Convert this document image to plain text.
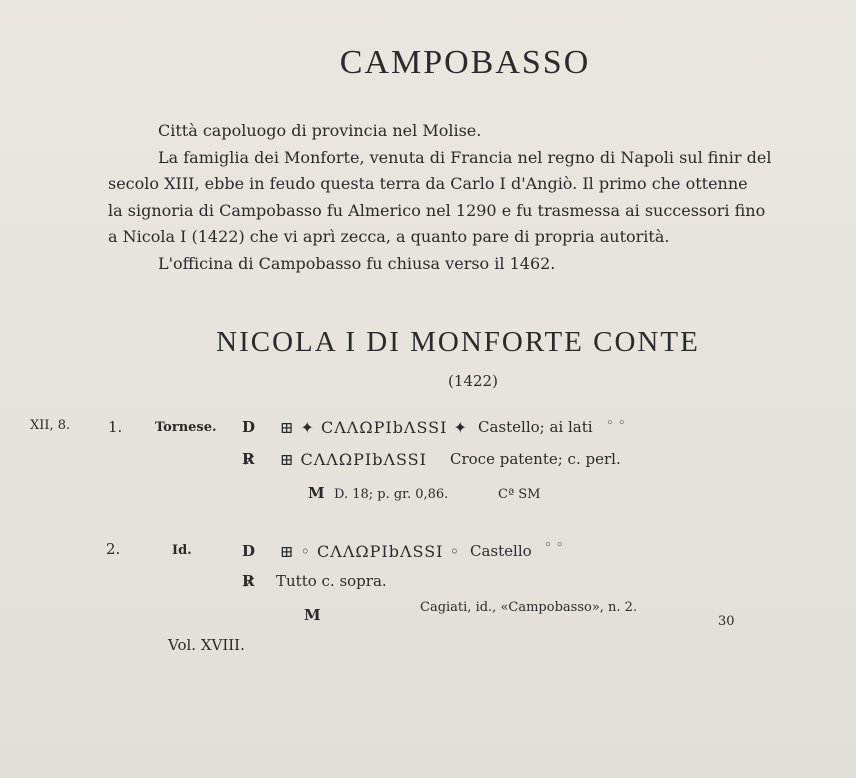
CAMPOBASSO
Città capoluogo di provincia nel Molise.
La famiglia dei Monforte, venuta di Francia nel regno di Napoli sul finir del
secolo XIII, ebbe in feudo questa terra da Carlo I d'Angiò. Il primo che ottenne
la signoria di Campobasso fu Almerico nel 1290 e fu trasmessa ai successori fino
a Nicola I (1422) che vi aprì zecca, a quanto pare di propria autorità.
L'officina di Campobasso fu chiusa verso il 1462.
NICOLA I DI MONFORTE CONTE
(1422)
XII, 8.	1.	Tornese. D ⊞ ✦ CΛΛΩPIbΛSSI ✦ Castello; ai lati ◦ ◦
R̷ ⊞ CΛΛΩPIbΛSSI Croce patente; c. perl.
M D. 18; p. gr. 0,86.	Cª SM
2.	Id.	D ⊞ ◦ CΛΛΩPIbΛSSI ◦ Castello ◦ ◦
R̷ Tutto c. sopra.
M	Cagiati, id., «Campobasso», n. 2.
Vol. XVIII.
30
